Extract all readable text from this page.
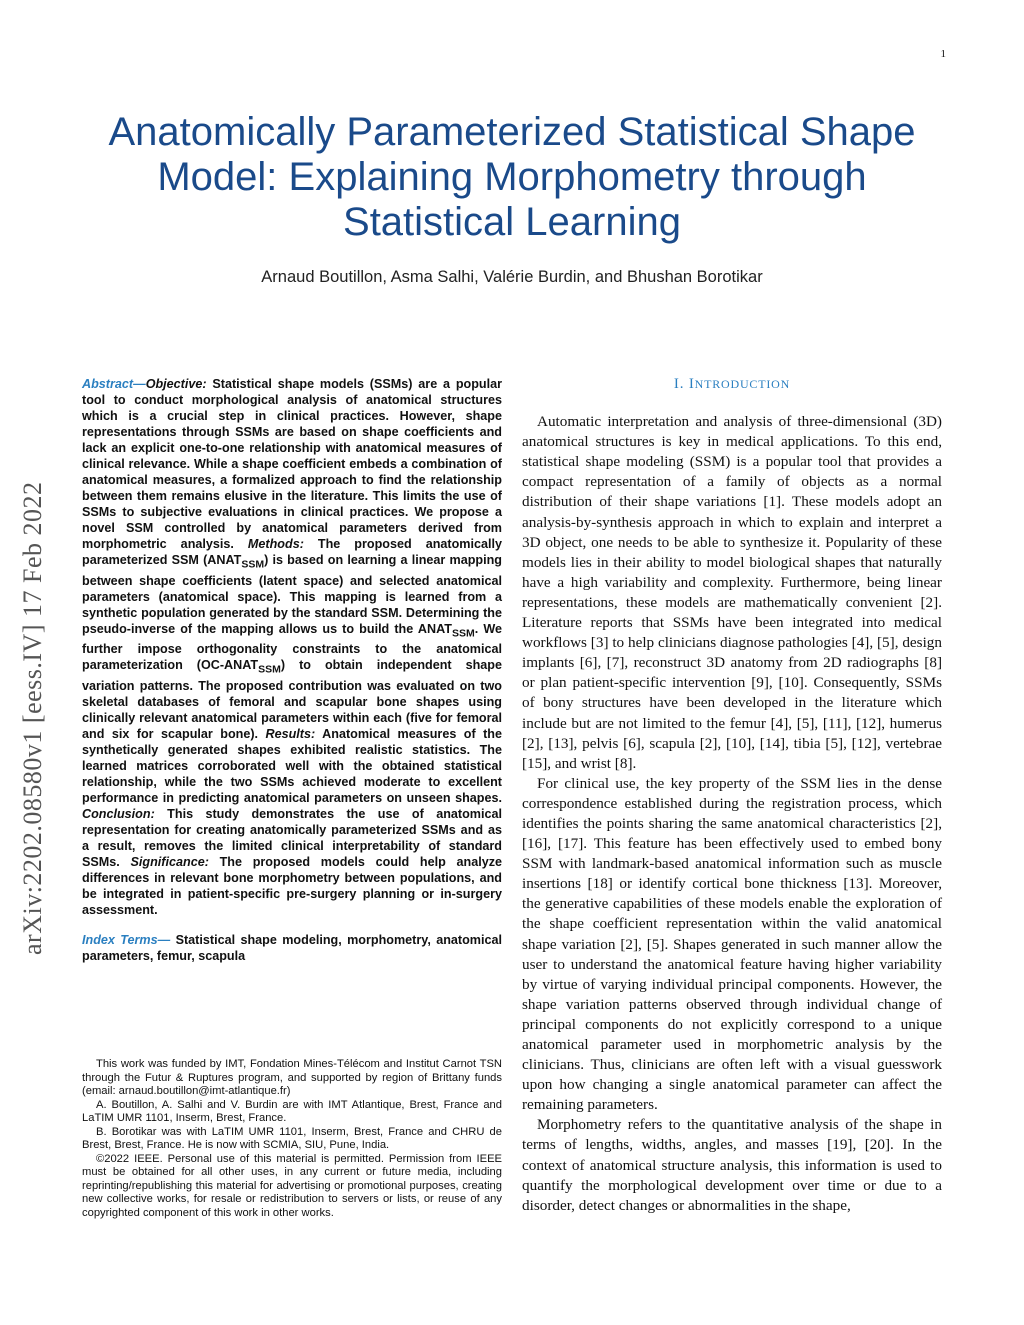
1
arXiv:2202.08580v1 [eess.IV] 17 Feb 2022
Anatomically Parameterized Statistical Shape
Model: Explaining Morphometry through
Statistical Learning
Arnaud Boutillon, Asma Salhi, Valérie Burdin, and Bhushan Borotikar
Abstract—Objective: Statistical shape models (SSMs) are a popular tool to conduct morphological analysis of anatomical structures which is a crucial step in clinical practices. However, shape representations through SSMs are based on shape coefficients and lack an explicit one-to-one relationship with anatomical measures of clinical relevance. While a shape coefficient embeds a combination of anatomical measures, a formalized approach to find the relationship between them remains elusive in the literature. This limits the use of SSMs to subjective evaluations in clinical practices. We propose a novel SSM controlled by anatomical parameters derived from morphometric analysis. Methods: The proposed anatomically parameterized SSM $(ANAT_{SSM})$ is based on learning a linear mapping between shape coefficients (latent space) and selected anatomical parameters (anatomical space). This mapping is learned from a synthetic population generated by the standard SSM. Determining the pseudo-inverse of the mapping allows us to build the $ANAT_{SSM}$. We further impose orthogonality constraints to the anatomical parameterization $(OC-ANAT_{SSM})$ to obtain independent shape variation patterns. The proposed contribution was evaluated on two skeletal databases of femoral and scapular bone shapes using clinically relevant anatomical parameters within each (five for femoral and six for scapular bone). Results: Anatomical measures of the synthetically generated shapes exhibited realistic statistics. The learned matrices corroborated well with the obtained statistical relationship, while the two SSMs achieved moderate to excellent performance in predicting anatomical parameters on unseen shapes. Conclusion: This study demonstrates the use of anatomical representation for creating anatomically parameterized SSMs and as a result, removes the limited clinical interpretability of standard SSMs. Significance: The proposed models could help analyze differences in relevant bone morphometry between populations, and be integrated in patient-specific pre-surgery planning or in-surgery assessment.
Index Terms— Statistical shape modeling, morphometry, anatomical parameters, femur, scapula

This work was funded by IMT, Fondation Mines-Télécom and Institut Carnot TSN through the Futur & Ruptures program, and supported by region of Brittany funds (email: arnaud.boutillon@imt-atlantique.fr)

A. Boutillon, A. Salhi and V. Burdin are with IMT Atlantique, Brest, France and LaTIM UMR 1101, Inserm, Brest, France.

B. Borotikar was with LaTIM UMR 1101, Inserm, Brest, France and CHRU de Brest, Brest, France. He is now with SCMIA, SIU, Pune, India.

©2022 IEEE. Personal use of this material is permitted. Permission from IEEE must be obtained for all other uses, in any current or future media, including reprinting/republishing this material for advertising or promotional purposes, creating new collective works, for resale or redistribution to servers or lists, or reuse of any copyrighted component of this work in other works.

I. INTRODUCTION

Automatic interpretation and analysis of three-dimensional (3D) anatomical structures is key in medical applications. To this end, statistical shape modeling (SSM) is a popular tool that provides a compact representation of a family of objects as a normal distribution of their shape variations [1]. These models adopt an analysis-by-synthesis approach in which to explain and interpret a 3D object, one needs to be able to synthesize it. Popularity of these models lies in their ability to model biological shapes that naturally have a high variability and complexity. Furthermore, being linear representations, these models are mathematically convenient [2]. Literature reports that SSMs have been integrated into medical workflows [3] to help clinicians diagnose pathologies [4], [5], design implants [6], [7], reconstruct 3D anatomy from 2D radiographs [8] or plan patient-specific intervention [9], [10]. Consequently, SSMs of bony structures have been developed in the literature which include but are not limited to the femur [4], [5], [11], [12], humerus [2], [13], pelvis [6], scapula [2], [10], [14], tibia [5], [12], vertebrae [15], and wrist [8].

For clinical use, the key property of the SSM lies in the dense correspondence established during the registration process, which identifies the points sharing the same anatomical characteristics [2], [16], [17]. This feature has been effectively used to embed bony SSM with landmark-based anatomical information such as muscle insertions [18] or identify cortical bone thickness [13]. Moreover, the generative capabilities of these models enable the exploration of the shape coefficient representation within the valid anatomical shape variation [2], [5]. Shapes generated in such manner allow the user to understand the anatomical feature having higher variability by virtue of varying individual principal components. However, the shape variation patterns observed through individual change of principal components do not explicitly correspond to a unique anatomical parameter used in morphometric analysis by the clinicians. Thus, clinicians are often left with a visual guesswork upon how changing a single anatomical parameter can affect the remaining parameters.

Morphometry refers to the quantitative analysis of the shape in terms of lengths, widths, angles, and masses [19], [20]. In the context of anatomical structure analysis, this information is used to quantify the morphological development over time or due to a disorder, detect changes or abnormalities in the shape,
